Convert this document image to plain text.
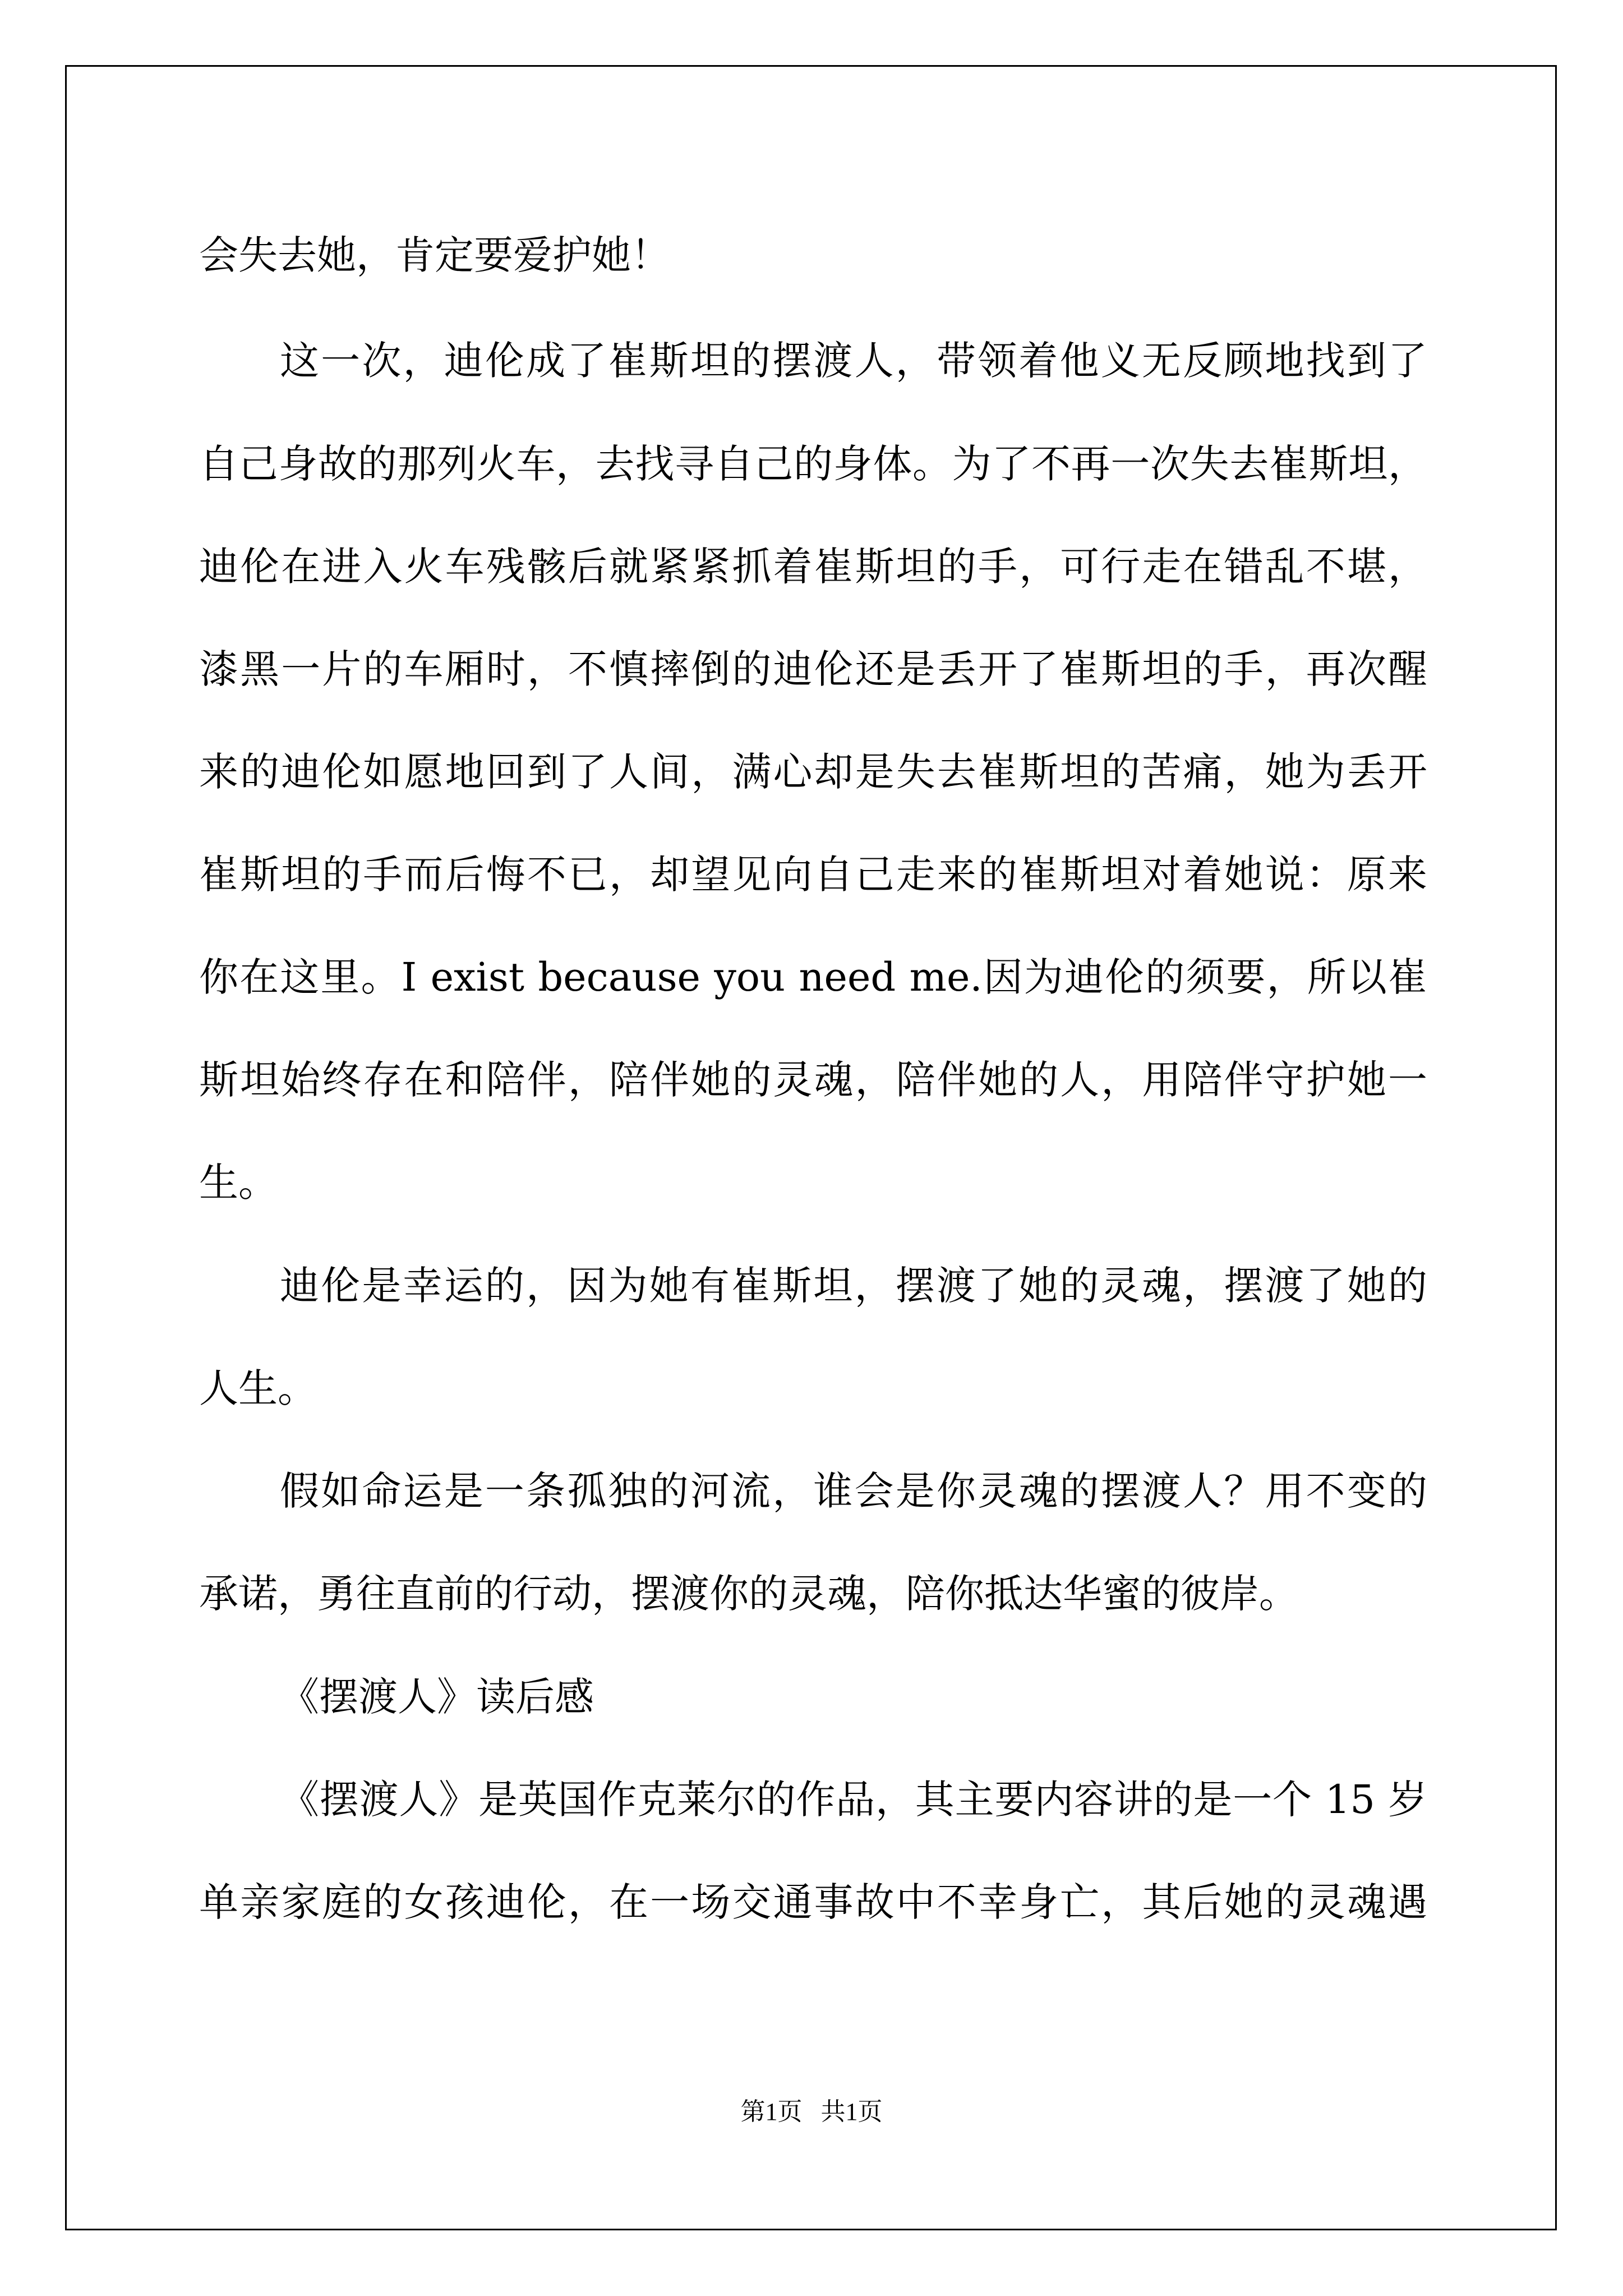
会失去她，肯定要爱护她！
这一次，迪伦成了崔斯坦的摆渡人，带领着他义无反顾地找到了
自己身故的那列火车，去找寻自己的身体。为了不再一次失去崔斯坦，
迪伦在进入火车残骸后就紧紧抓着崔斯坦的手，可行走在错乱不堪，
漆黑一片的车厢时，不慎摔倒的迪伦还是丢开了崔斯坦的手，再次醒
来的迪伦如愿地回到了人间，满心却是失去崔斯坦的苦痛，她为丢开
崔斯坦的手而后悔不已，却望见向自己走来的崔斯坦对着她说：原来
你在这里。I exist because you need me.因为迪伦的须要，所以崔
斯坦始终存在和陪伴，陪伴她的灵魂，陪伴她的人，用陪伴守护她一
生。
迪伦是幸运的，因为她有崔斯坦，摆渡了她的灵魂，摆渡了她的
人生。
假如命运是一条孤独的河流，谁会是你灵魂的摆渡人？用不变的
承诺，勇往直前的行动，摆渡你的灵魂，陪你抵达华蜜的彼岸。
《摆渡人》读后感
《摆渡人》是英国作克莱尔的作品，其主要内容讲的是一个 15 岁
单亲家庭的女孩迪伦，在一场交通事故中不幸身亡，其后她的灵魂遇
第1页   共1页
